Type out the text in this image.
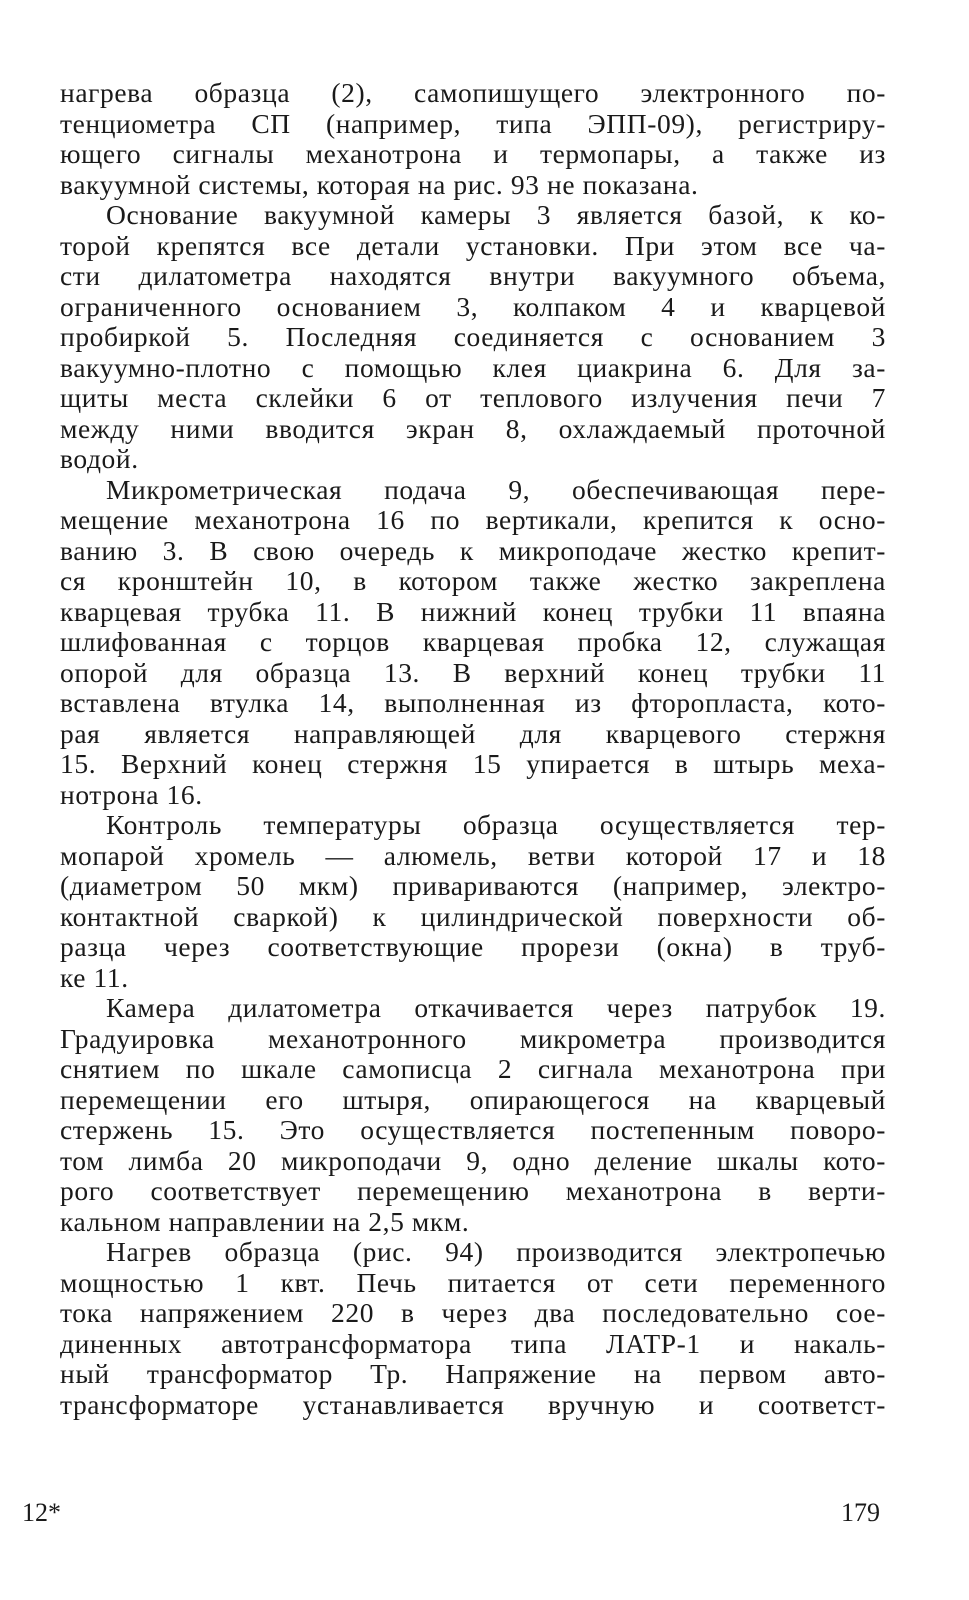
нагрева образца (2), самопишущего электронного по-
тенциометра СП (например, типа ЭПП-09), регистриру-
ющего сигналы механотрона и термопары, а также из
вакуумной системы, которая на рис. 93 не показана.

Основание вакуумной камеры 3 является базой, к ко-
торой крепятся все детали установки. При этом все ча-
сти дилатометра находятся внутри вакуумного объема,
ограниченного основанием 3, колпаком 4 и кварцевой
пробиркой 5. Последняя соединяется с основанием 3
вакуумно-плотно с помощью клея циакрина 6. Для за-
щиты места склейки 6 от теплового излучения печи 7
между ними вводится экран 8, охлаждаемый проточной
водой.

Микрометрическая подача 9, обеспечивающая пере-
мещение механотрона 16 по вертикали, крепится к осно-
ванию 3. В свою очередь к микроподаче жестко крепит-
ся кронштейн 10, в котором также жестко закреплена
кварцевая трубка 11. В нижний конец трубки 11 впаяна
шлифованная с торцов кварцевая пробка 12, служащая
опорой для образца 13. В верхний конец трубки 11
вставлена втулка 14, выполненная из фторопласта, кото-
рая является направляющей для кварцевого стержня
15. Верхний конец стержня 15 упирается в штырь меха-
нотрона 16.

Контроль температуры образца осуществляется тер-
мопарой хромель — алюмель, ветви которой 17 и 18
(диаметром 50 мкм) привариваются (например, электро-
контактной сваркой) к цилиндрической поверхности об-
разца через соответствующие прорези (окна) в труб-
ке 11.

Камера дилатометра откачивается через патрубок 19.
Градуировка механотронного микрометра производится
снятием по шкале самописца 2 сигнала механотрона при
перемещении его штыря, опирающегося на кварцевый
стержень 15. Это осуществляется постепенным поворо-
том лимба 20 микроподачи 9, одно деление шкалы кото-
рого соответствует перемещению механотрона в верти-
кальном направлении на 2,5 мкм.

Нагрев образца (рис. 94) производится электропечью
мощностью 1 квт. Печь питается от сети переменного
тока напряжением 220 в через два последовательно сое-
диненных автотрансформатора типа ЛАТР-1 и накаль-
ный трансформатор Тр. Напряжение на первом авто-
трансформаторе устанавливается вручную и соответст-

12*	179
